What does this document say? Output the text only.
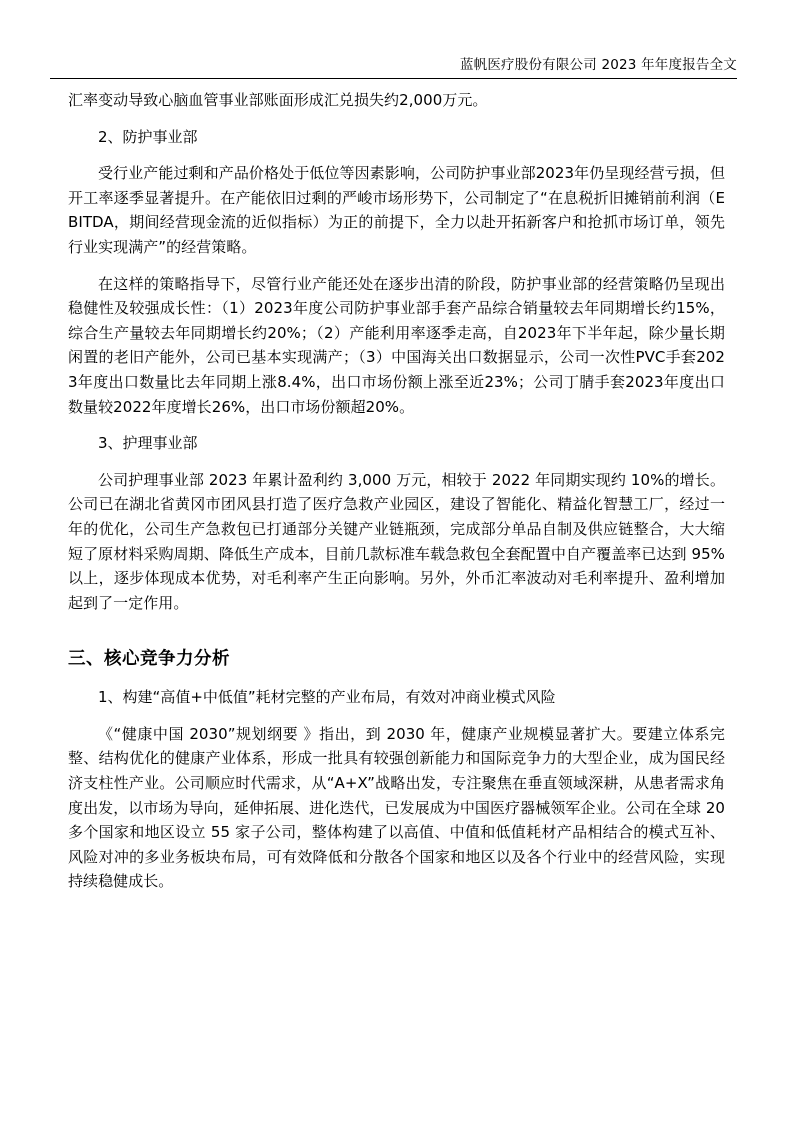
蓝帆医疗股份有限公司 2023 年年度报告全文

汇率变动导致心脑血管事业部账面形成汇兑损失约2,000万元。

2、防护事业部

受行业产能过剩和产品价格处于低位等因素影响，公司防护事业部2023年仍呈现经营亏损，但开工率逐季显著提升。在产能依旧过剩的严峻市场形势下，公司制定了“在息税折旧摊销前利润（EBITDA，期间经营现金流的近似指标）为正的前提下，全力以赴开拓新客户和抢抓市场订单，领先行业实现满产”的经营策略。

在这样的策略指导下，尽管行业产能还处在逐步出清的阶段，防护事业部的经营策略仍呈现出稳健性及较强成长性：（1）2023年度公司防护事业部手套产品综合销量较去年同期增长约15%，综合生产量较去年同期增长约20%；（2）产能利用率逐季走高，自2023年下半年起，除少量长期闲置的老旧产能外，公司已基本实现满产；（3）中国海关出口数据显示，公司一次性PVC手套2023年度出口数量比去年同期上涨8.4%，出口市场份额上涨至近23%；公司丁腈手套2023年度出口数量较2022年度增长26%，出口市场份额超20%。

3、护理事业部

公司护理事业部 2023 年累计盈利约 3,000 万元，相较于 2022 年同期实现约 10%的增长。公司已在湖北省黄冈市团风县打造了医疗急救产业园区，建设了智能化、精益化智慧工厂，经过一年的优化，公司生产急救包已打通部分关键产业链瓶颈，完成部分单品自制及供应链整合，大大缩短了原材料采购周期、降低生产成本，目前几款标准车载急救包全套配置中自产覆盖率已达到 95%以上，逐步体现成本优势，对毛利率产生正向影响。另外，外币汇率波动对毛利率提升、盈利增加起到了一定作用。

三、核心竞争力分析

1、构建“高值+中低值”耗材完整的产业布局，有效对冲商业模式风险

《“健康中国 2030”规划纲要 》指出，到 2030 年，健康产业规模显著扩大。要建立体系完整、结构优化的健康产业体系，形成一批具有较强创新能力和国际竞争力的大型企业，成为国民经济支柱性产业。公司顺应时代需求，从“A+X”战略出发，专注聚焦在垂直领域深耕，从患者需求角度出发，以市场为导向，延伸拓展、进化迭代，已发展成为中国医疗器械领军企业。公司在全球 20 多个国家和地区设立 55 家子公司，整体构建了以高值、中值和低值耗材产品相结合的模式互补、风险对冲的多业务板块布局，可有效降低和分散各个国家和地区以及各个行业中的经营风险，实现持续稳健成长。
